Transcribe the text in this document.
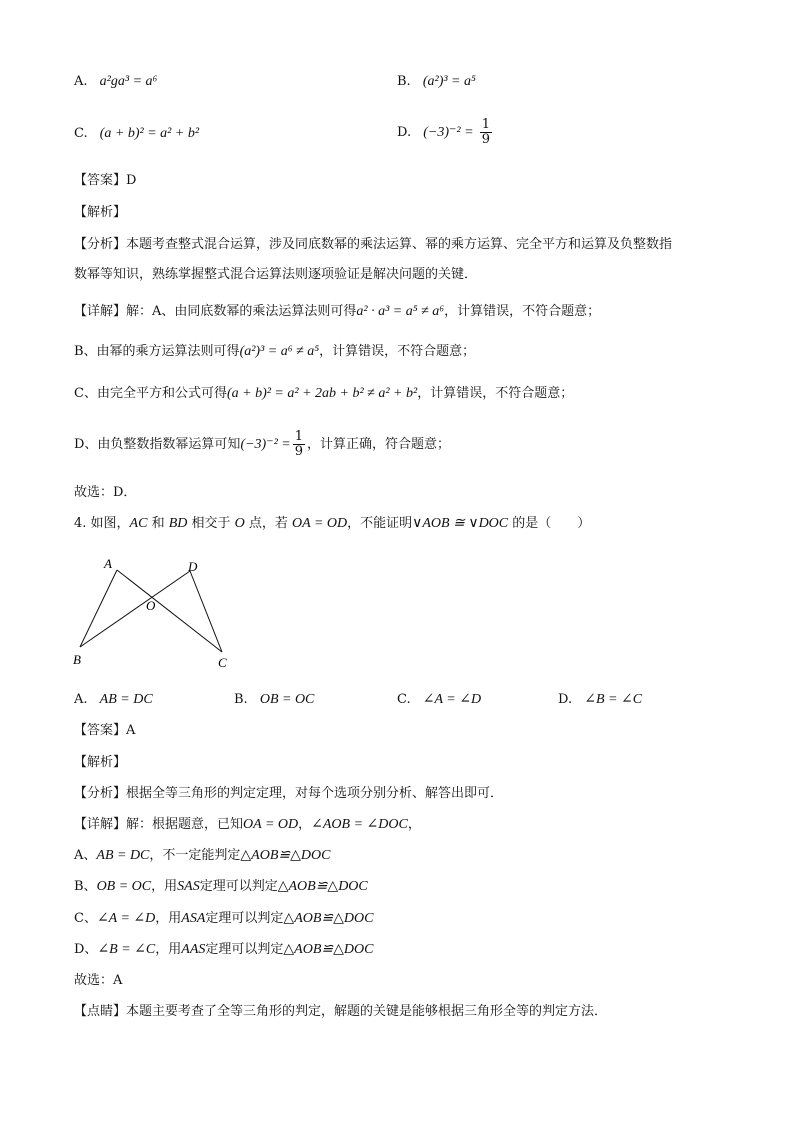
A. a²ga³ = a⁶	B. (a²)³ = a⁵
C. (a + b)² = a² + b²	D. $(-3)^{-2} = \frac{1}{9}$
【答案】D
【解析】
【分析】本题考查整式混合运算，涉及同底数幂的乘法运算、幂的乘方运算、完全平方和运算及负整数指
数幂等知识，熟练掌握整式混合运算法则逐项验证是解决问题的关键．
【详解】解：A、由同底数幂的乘法运算法则可得a² · a³ = a⁵ ≠ a⁶，计算错误，不符合题意；
B、由幂的乘方运算法则可得(a²)³ = a⁶ ≠ a⁵，计算错误，不符合题意；
C、由完全平方和公式可得(a + b)² = a² + 2ab + b² ≠ a² + b²，计算错误，不符合题意；
D、由负整数指数幂运算可知$(-3)^{-2} = \frac{1}{9}$ ，计算正确，符合题意；
故选：D．
4. 如图，AC 和 BD 相交于 O 点，若 OA = OD，不能证明∨AOB ≅ ∨DOC 的是（　　）
A	D
O
B	C
A. AB = DC	B. OB = OC	C. ∠A = ∠D	D. ∠B = ∠C
【答案】A
【解析】
【分析】根据全等三角形的判定定理，对每个选项分别分析、解答出即可．
【详解】解：根据题意，已知OA = OD，∠AOB = ∠DOC，
A、AB = DC，不一定能判定△AOB≌△DOC
B、OB = OC，用SAS定理可以判定△AOB≌△DOC
C、∠A = ∠D，用ASA定理可以判定△AOB≌△DOC
D、∠B = ∠C，用AAS定理可以判定△AOB≌△DOC
故选：A
【点睛】本题主要考查了全等三角形的判定，解题的关键是能够根据三角形全等的判定方法．
